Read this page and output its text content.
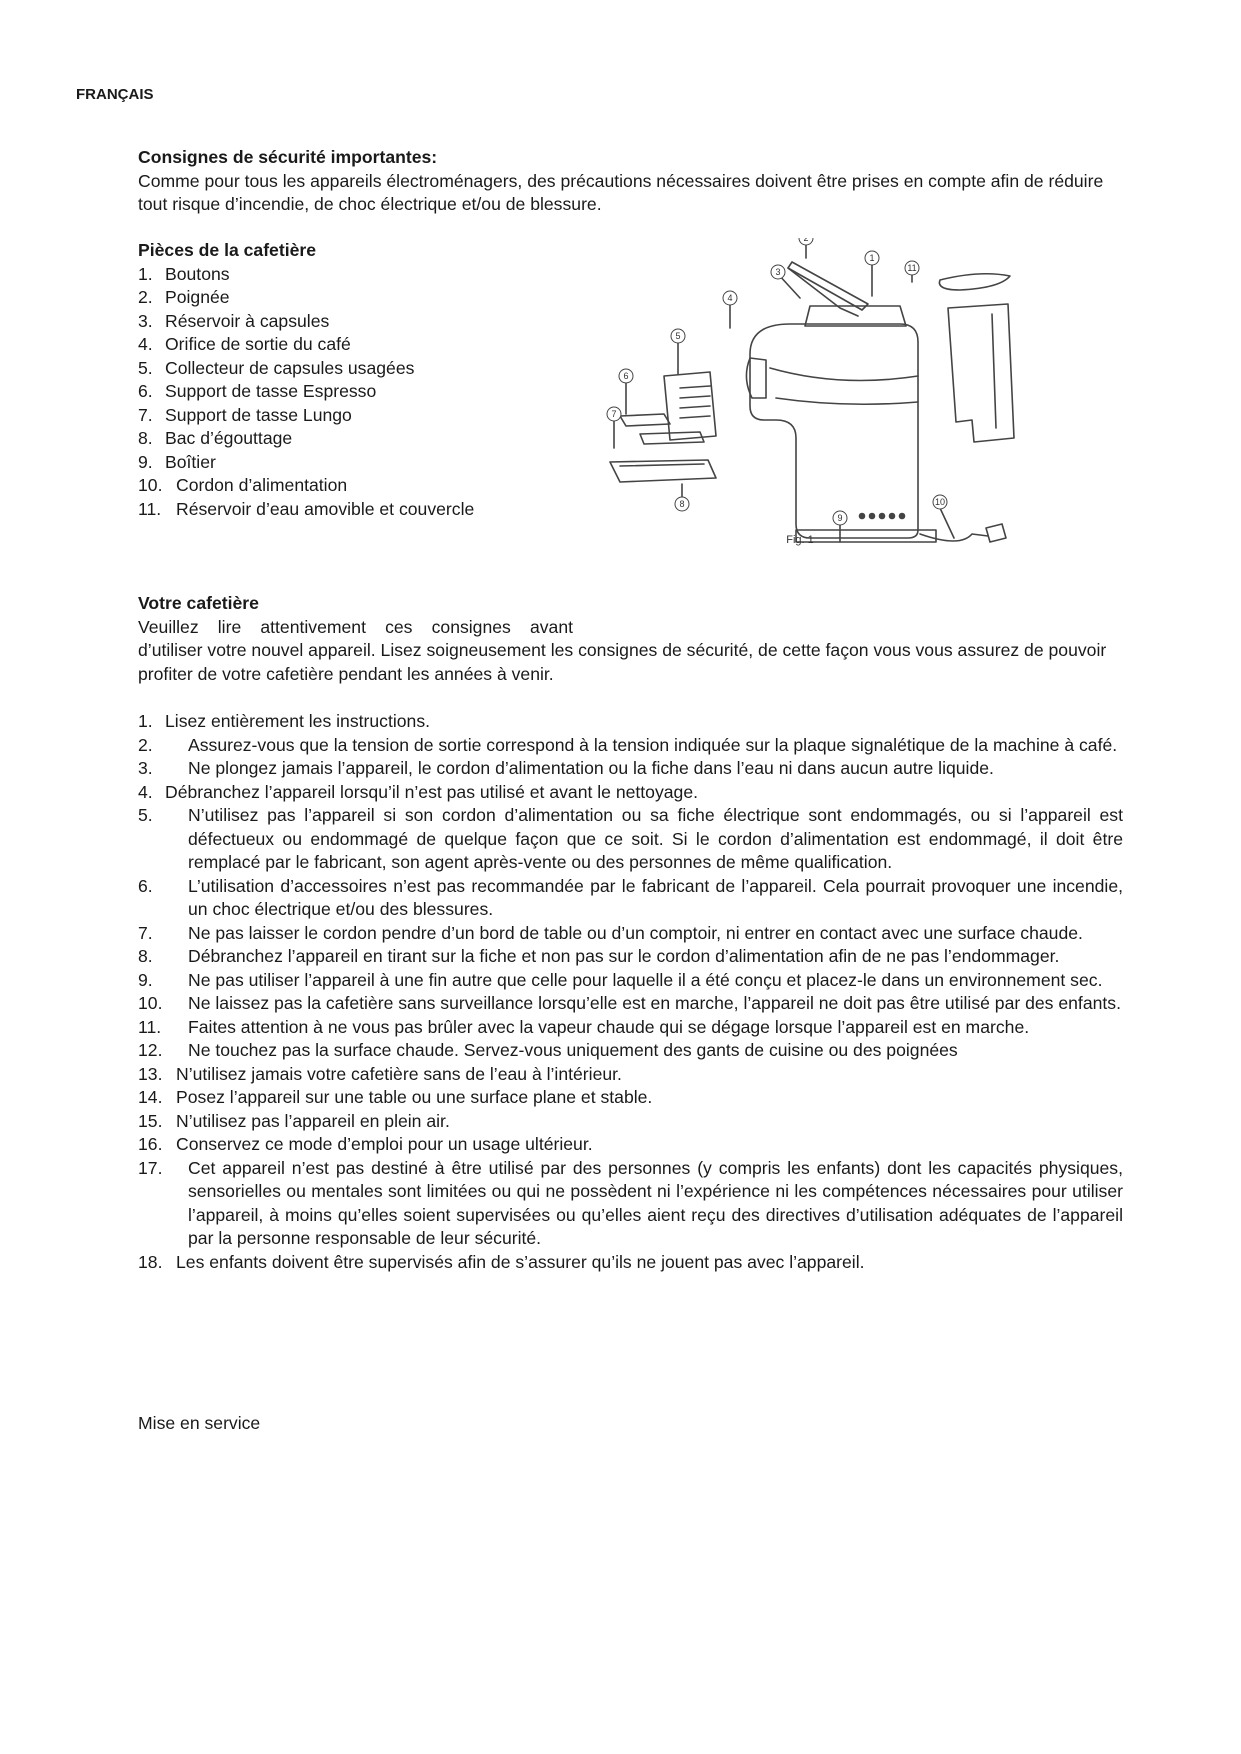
FRANÇAIS

Consignes de sécurité importantes:

Comme pour tous les appareils électroménagers, des précautions nécessaires doivent être prises en compte afin de réduire tout risque d’incendie, de choc électrique et/ou de blessure.

Pièces de la cafetière

1. Boutons
2. Poignée
3. Réservoir à capsules
4. Orifice de sortie du café
5. Collecteur de capsules usagées
6. Support de tasse Espresso
7. Support de tasse Lungo
8. Bac d’égouttage
9. Boîtier
10. Cordon d’alimentation
11. Réservoir d’eau amovible et couvercle

Votre cafetière

Veuillez lire attentivement ces consignes avant

d’utiliser votre nouvel appareil. Lisez soigneusement les consignes de sécurité, de cette façon vous vous assurez de pouvoir profiter de votre cafetière pendant les années à venir.

1. Lisez entièrement les instructions.
2. Assurez-vous que la tension de sortie correspond à la tension indiquée sur la plaque signalétique de la machine à café.
3. Ne plongez jamais l’appareil, le cordon d’alimentation ou la fiche dans l’eau ni dans aucun autre liquide.
4. Débranchez l’appareil lorsqu’il n’est pas utilisé et avant le nettoyage.
5. N’utilisez pas l’appareil si son cordon d’alimentation ou sa fiche électrique sont endommagés, ou si l’appareil est défectueux ou endommagé de quelque façon que ce soit. Si le cordon d’alimentation est endommagé, il doit être remplacé par le fabricant, son agent après-vente ou des personnes de même qualification.
6. L’utilisation d’accessoires n’est pas recommandée par le fabricant de l’appareil. Cela pourrait provoquer une incendie, un choc électrique et/ou des blessures.
7. Ne pas laisser le cordon pendre d’un bord de table ou d’un comptoir, ni entrer en contact avec une surface chaude.
8. Débranchez l’appareil en tirant sur la fiche et non pas sur le cordon d’alimentation afin de ne pas l’endommager.
9. Ne pas utiliser l’appareil à une fin autre que celle pour laquelle il a été conçu et placez-le dans un environnement sec.
10. Ne laissez pas la cafetière sans surveillance lorsqu’elle est en marche, l’appareil ne doit pas être utilisé par des enfants.
11. Faites attention à ne vous pas brûler avec la vapeur chaude qui se dégage lorsque l’appareil est en marche.
12. Ne touchez pas la surface chaude. Servez-vous uniquement des gants de cuisine ou des poignées
13. N’utilisez jamais votre cafetière sans de l’eau à l’intérieur.
14. Posez l’appareil sur une table ou une surface plane et stable.
15. N’utilisez pas l’appareil en plein air.
16. Conservez ce mode d’emploi pour un usage ultérieur.
17. Cet appareil n’est pas destiné à être utilisé par des personnes (y compris les enfants) dont les capacités physiques, sensorielles ou mentales sont limitées ou qui ne possèdent ni l’expérience ni les compétences nécessaires pour utiliser l’appareil, à moins qu’elles soient supervisées ou qu’elles aient reçu des directives d’utilisation adéquates de l’appareil par la personne responsable de leur sécurité.
18. Les enfants doivent être supervisés afin de s’assurer qu’ils ne jouent pas avec l’appareil.

Mise en service

2
1
3	11
4
5
6
7
8
9
10
Fig. 1
